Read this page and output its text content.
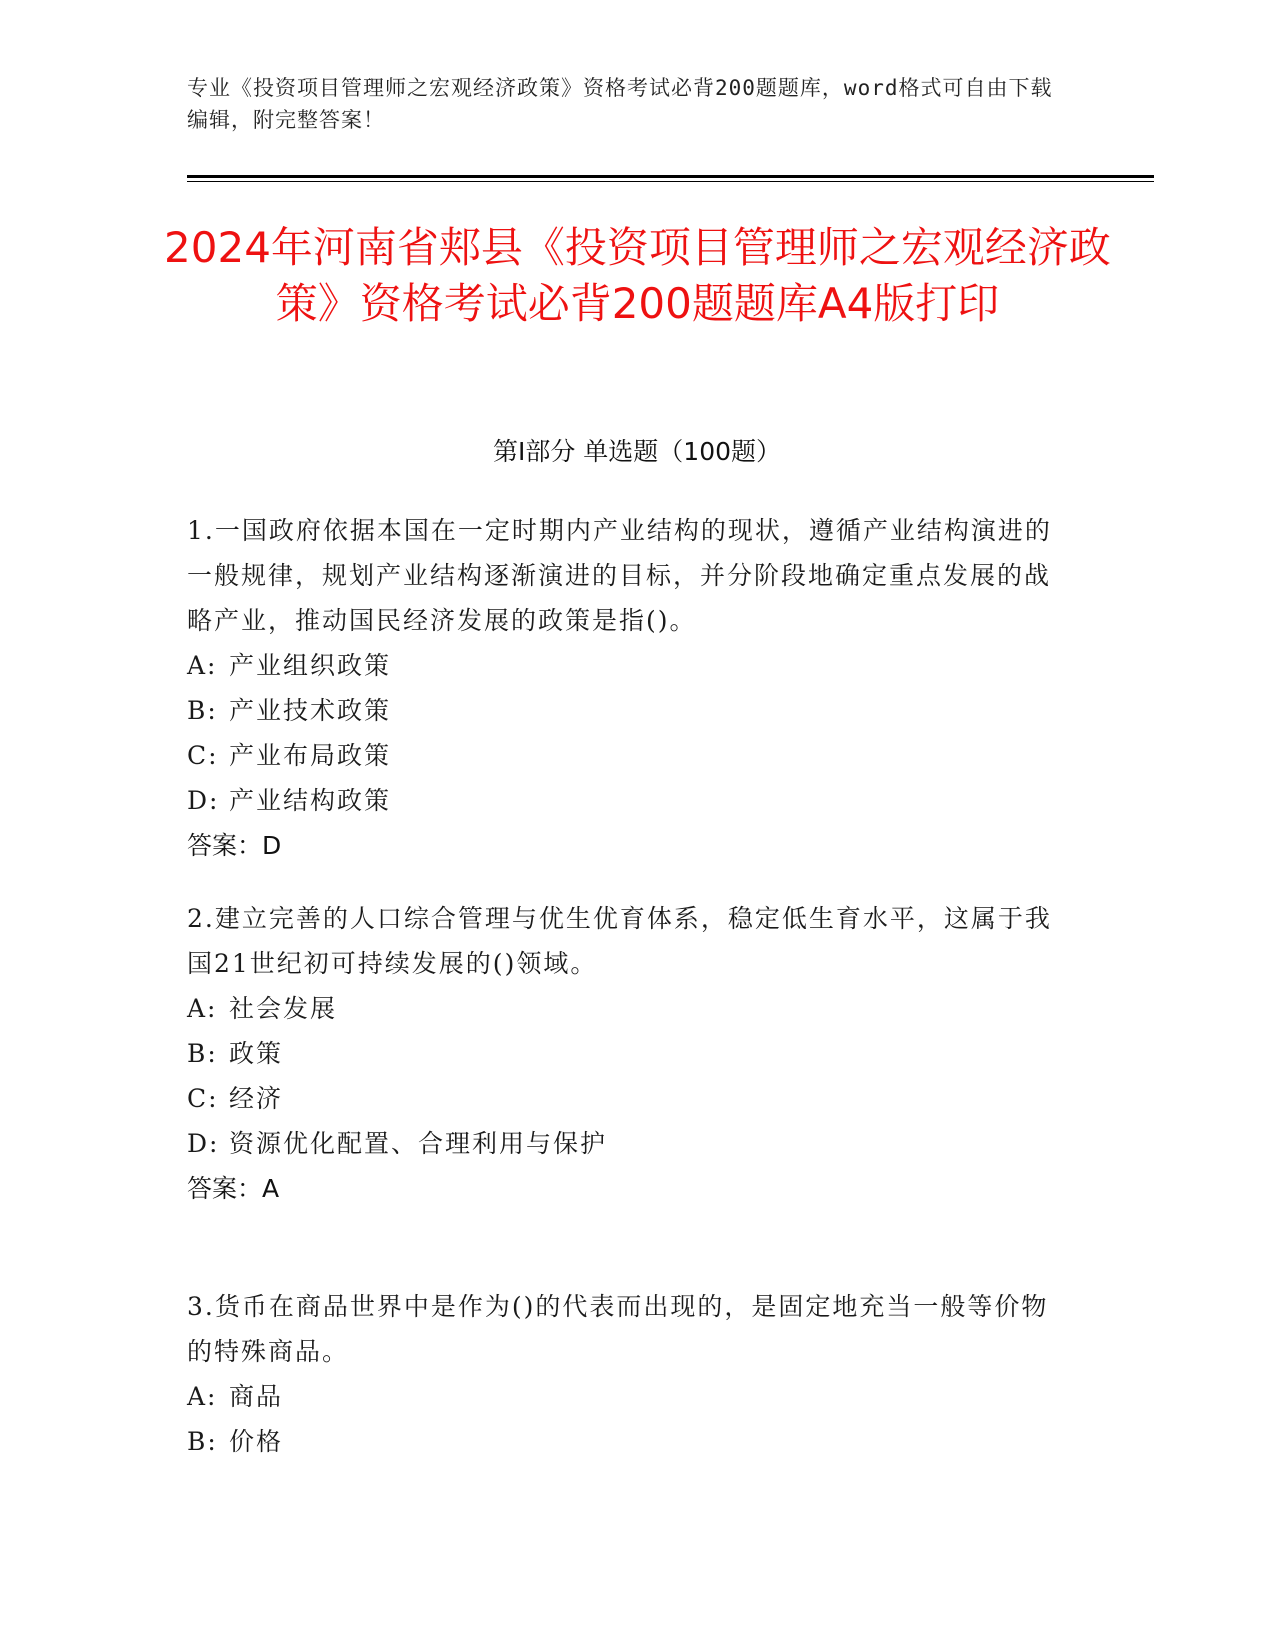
专业《投资项目管理师之宏观经济政策》资格考试必背200题题库，word格式可自由下载编辑，附完整答案！
2024年河南省郏县《投资项目管理师之宏观经济政策》资格考试必背200题题库A4版打印
第I部分 单选题（100题）

1.一国政府依据本国在一定时期内产业结构的现状，遵循产业结构演进的一般规律，规划产业结构逐渐演进的目标，并分阶段地确定重点发展的战略产业，推动国民经济发展的政策是指()。

A: 产业组织政策

B: 产业技术政策

C: 产业布局政策

D: 产业结构政策

答案：D

2.建立完善的人口综合管理与优生优育体系，稳定低生育水平，这属于我国21世纪初可持续发展的()领域。

A: 社会发展

B: 政策

C: 经济

D: 资源优化配置、合理利用与保护

答案：A

3.货币在商品世界中是作为()的代表而出现的，是固定地充当一般等价物的特殊商品。

A: 商品

B: 价格
